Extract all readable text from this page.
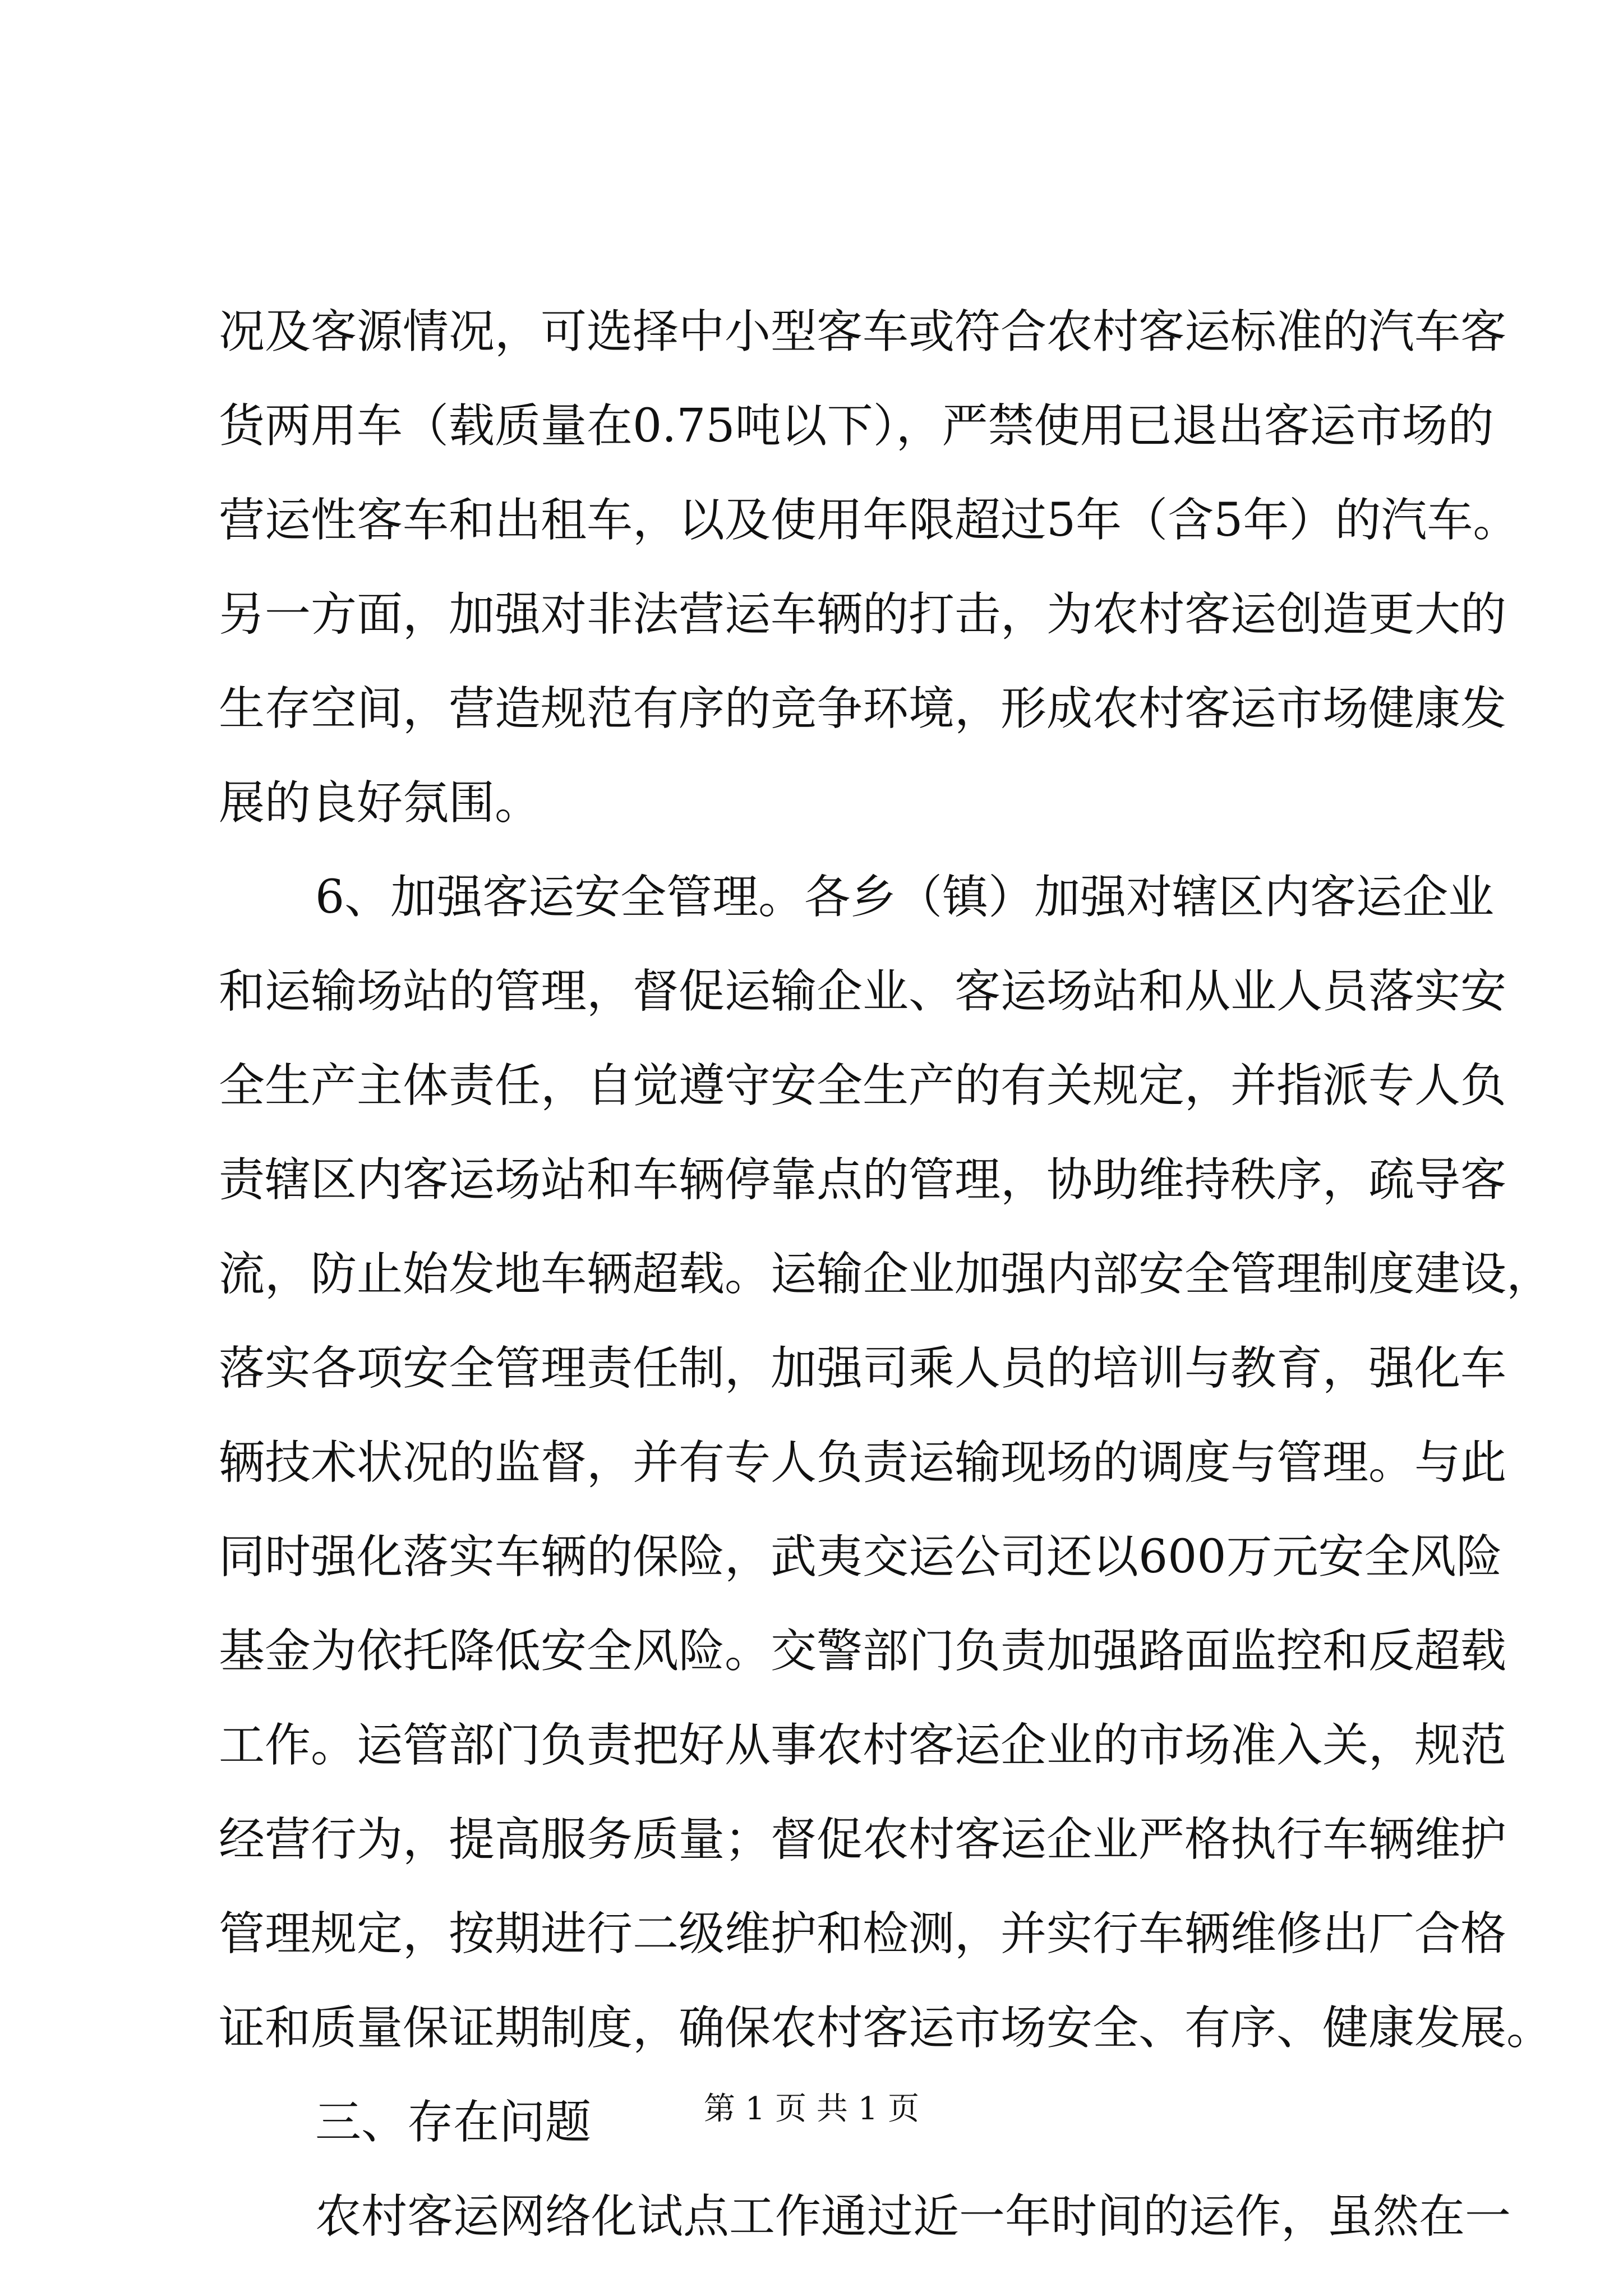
况及客源情况，可选择中小型客车或符合农村客运标准的汽车客
货两用车（载质量在0.75吨以下），严禁使用已退出客运市场的
营运性客车和出租车，以及使用年限超过5年（含5年）的汽车。
另一方面，加强对非法营运车辆的打击，为农村客运创造更大的
生存空间，营造规范有序的竞争环境，形成农村客运市场健康发
展的良好氛围。
6、加强客运安全管理。各乡（镇）加强对辖区内客运企业
和运输场站的管理，督促运输企业、客运场站和从业人员落实安
全生产主体责任，自觉遵守安全生产的有关规定，并指派专人负
责辖区内客运场站和车辆停靠点的管理，协助维持秩序，疏导客
流，防止始发地车辆超载。运输企业加强内部安全管理制度建设，
落实各项安全管理责任制，加强司乘人员的培训与教育，强化车
辆技术状况的监督，并有专人负责运输现场的调度与管理。与此
同时强化落实车辆的保险，武夷交运公司还以600万元安全风险
基金为依托降低安全风险。交警部门负责加强路面监控和反超载
工作。运管部门负责把好从事农村客运企业的市场准入关，规范
经营行为，提高服务质量；督促农村客运企业严格执行车辆维护
管理规定，按期进行二级维护和检测，并实行车辆维修出厂合格
证和质量保证期制度，确保农村客运市场安全、有序、健康发展。
三、存在问题
农村客运网络化试点工作通过近一年时间的运作，虽然在一
第 1 页 共 1 页
